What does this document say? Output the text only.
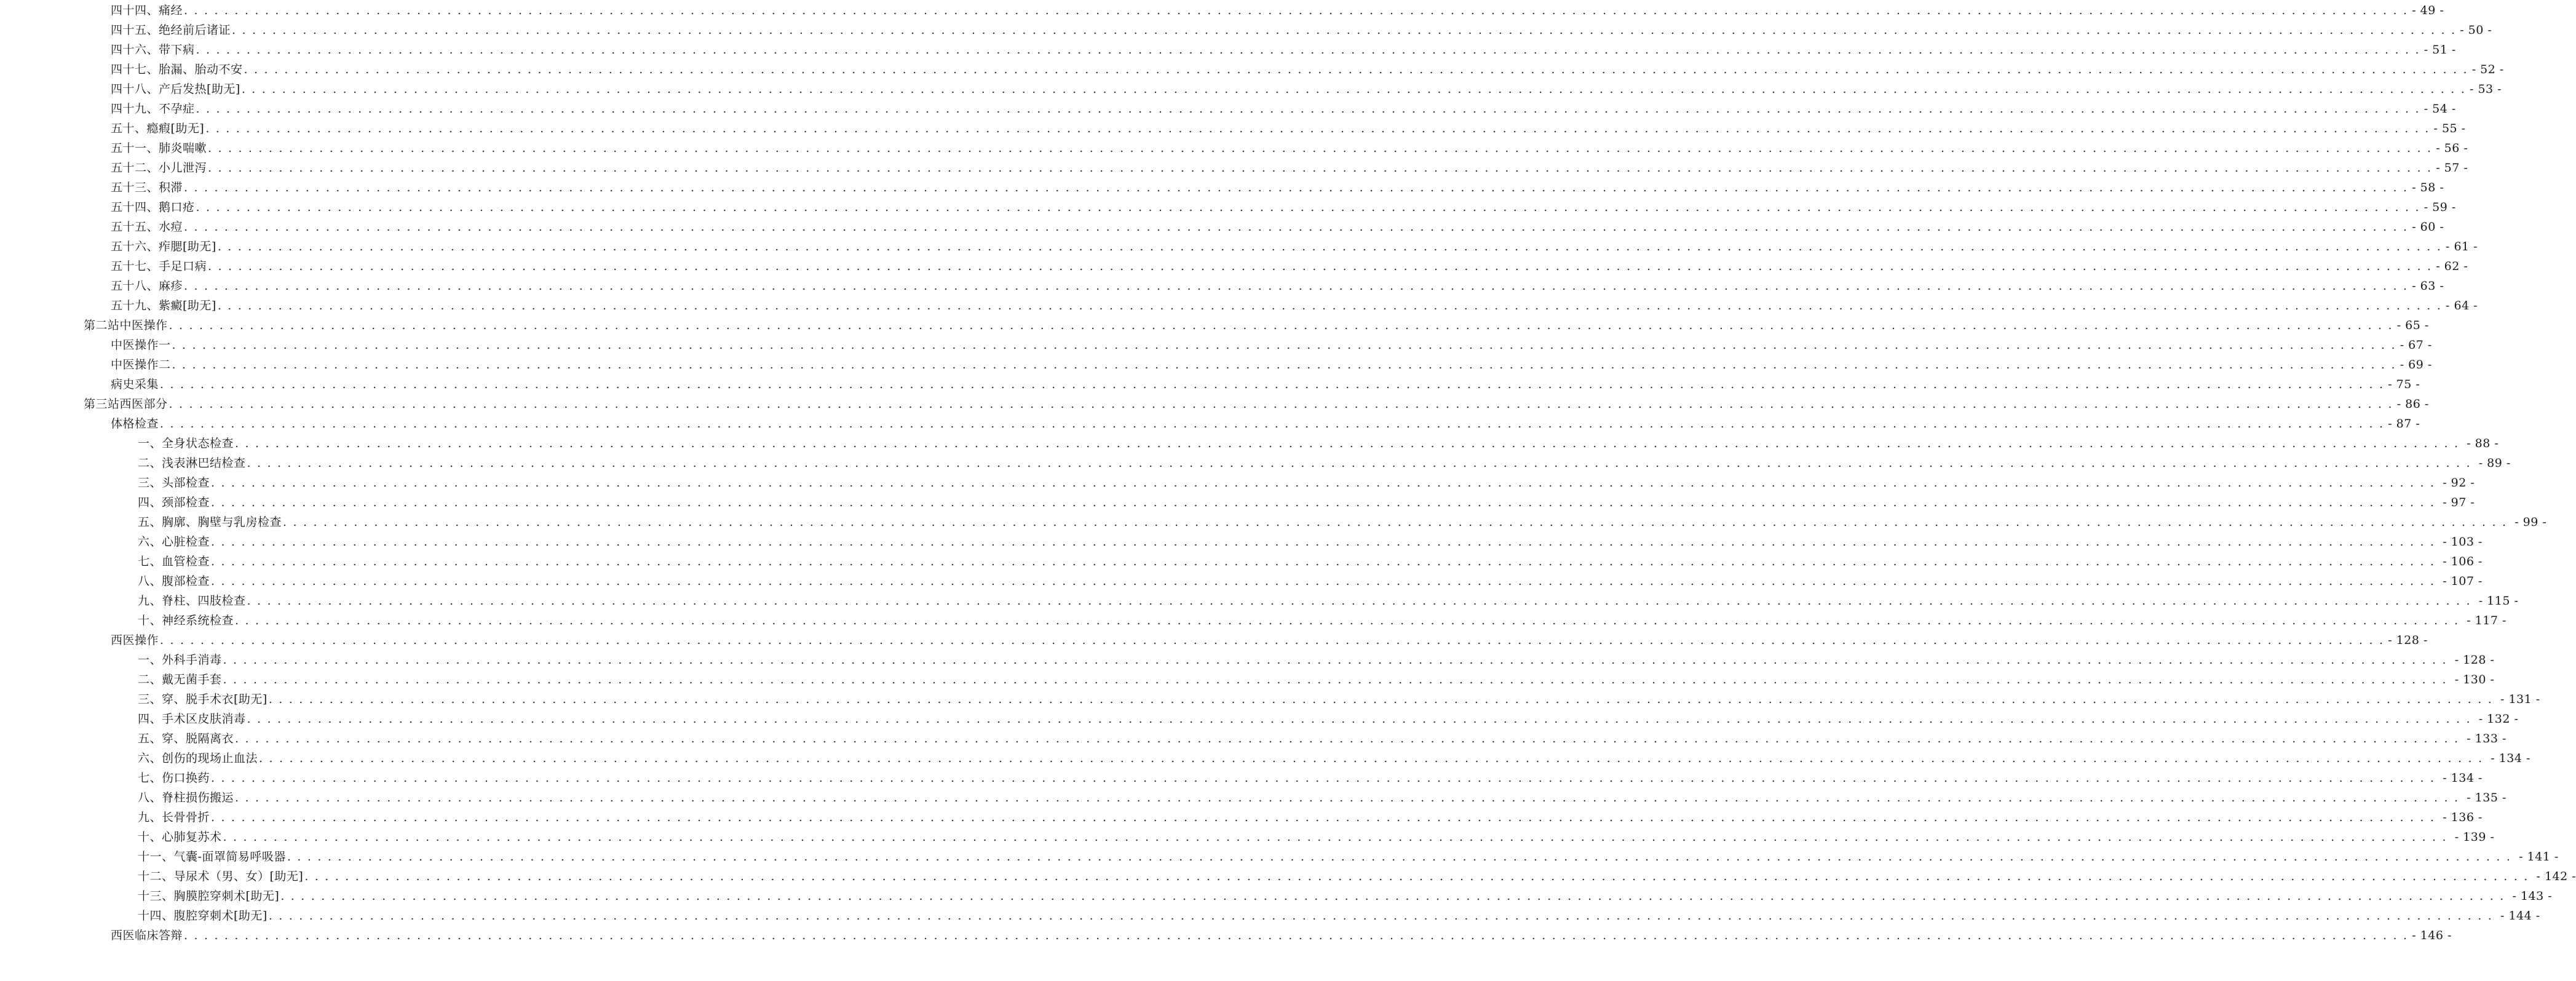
四十四、痛经 . . . . . . . . . . . . . . . . . . . . . . . . . . . . . . . . . . . . . . . . . . . . . . . . . . . . . . . . . . . . . . . . . . . . . . . . . . . . . . . . . . . . . . . . . . . . . . . . . . . . . . . . . . . . . . . . . . . . . . . . . . . . . . . . . . . . . . . . . . . . . . . . . . . . . . . . . . . . . . . . . . . . . . . . . . . . . . . . . . . . . . . . . . . . . . . . . . . . . . . . . . . . . . . . . . . . . . . . . . . . - 49 -
四十五、绝经前后诸证 . . . . . . . . . . . . . . . . . . . . . . . . . . . . . . . . . . . . . . . . . . . . . . . . . . . . . . . . . . . . . . . . . . . . . . . . . . . . . . . . . . . . . . . . . . . . . . . . . . . . . . . . . . . . . . . . . . . . . . . . . . . . . . . . . . . . . . . . . . . . . . . . . . . . . . . . . . . . . . . . . . . . . . . . . . . . . . . . . . . . . . . . . . . . . . . . . . . . . . . . . . . . . . . . . . . . . . . . . . . . - 50 -
四十六、带下病 . . . . . . . . . . . . . . . . . . . . . . . . . . . . . . . . . . . . . . . . . . . . . . . . . . . . . . . . . . . . . . . . . . . . . . . . . . . . . . . . . . . . . . . . . . . . . . . . . . . . . . . . . . . . . . . . . . . . . . . . . . . . . . . . . . . . . . . . . . . . . . . . . . . . . . . . . . . . . . . . . . . . . . . . . . . . . . . . . . . . . . . . . . . . . . . . . . . . . . . . . . . . . . . . . . . . . . . . . . . . - 51 -
四十七、胎漏、胎动不安 . . . . . . . . . . . . . . . . . . . . . . . . . . . . . . . . . . . . . . . . . . . . . . . . . . . . . . . . . . . . . . . . . . . . . . . . . . . . . . . . . . . . . . . . . . . . . . . . . . . . . . . . . . . . . . . . . . . . . . . . . . . . . . . . . . . . . . . . . . . . . . . . . . . . . . . . . . . . . . . . . . . . . . . . . . . . . . . . . . . . . . . . . . . . . . . . . . . . . . . . . . . . . . . . . . . . . . . . . . . . - 52 -
四十八、产后发热[助无] . . . . . . . . . . . . . . . . . . . . . . . . . . . . . . . . . . . . . . . . . . . . . . . . . . . . . . . . . . . . . . . . . . . . . . . . . . . . . . . . . . . . . . . . . . . . . . . . . . . . . . . . . . . . . . . . . . . . . . . . . . . . . . . . . . . . . . . . . . . . . . . . . . . . . . . . . . . . . . . . . . . . . . . . . . . . . . . . . . . . . . . . . . . . . . . . . . . . . . . . . . . . . . . . . . . . . . . . . . . . - 53 -
四十九、不孕症 . . . . . . . . . . . . . . . . . . . . . . . . . . . . . . . . . . . . . . . . . . . . . . . . . . . . . . . . . . . . . . . . . . . . . . . . . . . . . . . . . . . . . . . . . . . . . . . . . . . . . . . . . . . . . . . . . . . . . . . . . . . . . . . . . . . . . . . . . . . . . . . . . . . . . . . . . . . . . . . . . . . . . . . . . . . . . . . . . . . . . . . . . . . . . . . . . . . . . . . . . . . . . . . . . . . . . . . . . . . . - 54 -
五十、瘾瘕[助无] . . . . . . . . . . . . . . . . . . . . . . . . . . . . . . . . . . . . . . . . . . . . . . . . . . . . . . . . . . . . . . . . . . . . . . . . . . . . . . . . . . . . . . . . . . . . . . . . . . . . . . . . . . . . . . . . . . . . . . . . . . . . . . . . . . . . . . . . . . . . . . . . . . . . . . . . . . . . . . . . . . . . . . . . . . . . . . . . . . . . . . . . . . . . . . . . . . . . . . . . . . . . . . . . . . . . . . . . . . . . - 55 -
五十一、肺炎喘嗽 . . . . . . . . . . . . . . . . . . . . . . . . . . . . . . . . . . . . . . . . . . . . . . . . . . . . . . . . . . . . . . . . . . . . . . . . . . . . . . . . . . . . . . . . . . . . . . . . . . . . . . . . . . . . . . . . . . . . . . . . . . . . . . . . . . . . . . . . . . . . . . . . . . . . . . . . . . . . . . . . . . . . . . . . . . . . . . . . . . . . . . . . . . . . . . . . . . . . . . . . . . . . . . . . . . . . . . . . . . . . - 56 -
五十二、小儿泄泻 . . . . . . . . . . . . . . . . . . . . . . . . . . . . . . . . . . . . . . . . . . . . . . . . . . . . . . . . . . . . . . . . . . . . . . . . . . . . . . . . . . . . . . . . . . . . . . . . . . . . . . . . . . . . . . . . . . . . . . . . . . . . . . . . . . . . . . . . . . . . . . . . . . . . . . . . . . . . . . . . . . . . . . . . . . . . . . . . . . . . . . . . . . . . . . . . . . . . . . . . . . . . . . . . . . . . . . . . . . . . - 57 -
五十三、积滞 . . . . . . . . . . . . . . . . . . . . . . . . . . . . . . . . . . . . . . . . . . . . . . . . . . . . . . . . . . . . . . . . . . . . . . . . . . . . . . . . . . . . . . . . . . . . . . . . . . . . . . . . . . . . . . . . . . . . . . . . . . . . . . . . . . . . . . . . . . . . . . . . . . . . . . . . . . . . . . . . . . . . . . . . . . . . . . . . . . . . . . . . . . . . . . . . . . . . . . . . . . . . . . . . . . . . . . . . . . . . - 58 -
五十四、鹅口疮 . . . . . . . . . . . . . . . . . . . . . . . . . . . . . . . . . . . . . . . . . . . . . . . . . . . . . . . . . . . . . . . . . . . . . . . . . . . . . . . . . . . . . . . . . . . . . . . . . . . . . . . . . . . . . . . . . . . . . . . . . . . . . . . . . . . . . . . . . . . . . . . . . . . . . . . . . . . . . . . . . . . . . . . . . . . . . . . . . . . . . . . . . . . . . . . . . . . . . . . . . . . . . . . . . . . . . . . . . . . . - 59 -
五十五、水痘 . . . . . . . . . . . . . . . . . . . . . . . . . . . . . . . . . . . . . . . . . . . . . . . . . . . . . . . . . . . . . . . . . . . . . . . . . . . . . . . . . . . . . . . . . . . . . . . . . . . . . . . . . . . . . . . . . . . . . . . . . . . . . . . . . . . . . . . . . . . . . . . . . . . . . . . . . . . . . . . . . . . . . . . . . . . . . . . . . . . . . . . . . . . . . . . . . . . . . . . . . . . . . . . . . . . . . . . . . . . . - 60 -
五十六、痄腮[助无] . . . . . . . . . . . . . . . . . . . . . . . . . . . . . . . . . . . . . . . . . . . . . . . . . . . . . . . . . . . . . . . . . . . . . . . . . . . . . . . . . . . . . . . . . . . . . . . . . . . . . . . . . . . . . . . . . . . . . . . . . . . . . . . . . . . . . . . . . . . . . . . . . . . . . . . . . . . . . . . . . . . . . . . . . . . . . . . . . . . . . . . . . . . . . . . . . . . . . . . . . . . . . . . . . . . . . . . . . . . . - 61 -
五十七、手足口病 . . . . . . . . . . . . . . . . . . . . . . . . . . . . . . . . . . . . . . . . . . . . . . . . . . . . . . . . . . . . . . . . . . . . . . . . . . . . . . . . . . . . . . . . . . . . . . . . . . . . . . . . . . . . . . . . . . . . . . . . . . . . . . . . . . . . . . . . . . . . . . . . . . . . . . . . . . . . . . . . . . . . . . . . . . . . . . . . . . . . . . . . . . . . . . . . . . . . . . . . . . . . . . . . . . . . . . . . . . . . - 62 -
五十八、麻疹 . . . . . . . . . . . . . . . . . . . . . . . . . . . . . . . . . . . . . . . . . . . . . . . . . . . . . . . . . . . . . . . . . . . . . . . . . . . . . . . . . . . . . . . . . . . . . . . . . . . . . . . . . . . . . . . . . . . . . . . . . . . . . . . . . . . . . . . . . . . . . . . . . . . . . . . . . . . . . . . . . . . . . . . . . . . . . . . . . . . . . . . . . . . . . . . . . . . . . . . . . . . . . . . . . . . . . . . . . . . . - 63 -
五十九、紫癜[助无] . . . . . . . . . . . . . . . . . . . . . . . . . . . . . . . . . . . . . . . . . . . . . . . . . . . . . . . . . . . . . . . . . . . . . . . . . . . . . . . . . . . . . . . . . . . . . . . . . . . . . . . . . . . . . . . . . . . . . . . . . . . . . . . . . . . . . . . . . . . . . . . . . . . . . . . . . . . . . . . . . . . . . . . . . . . . . . . . . . . . . . . . . . . . . . . . . . . . . . . . . . . . . . . . . . . . . . . . . . . . - 64 -
第二站中医操作 . . . . . . . . . . . . . . . . . . . . . . . . . . . . . . . . . . . . . . . . . . . . . . . . . . . . . . . . . . . . . . . . . . . . . . . . . . . . . . . . . . . . . . . . . . . . . . . . . . . . . . . . . . . . . . . . . . . . . . . . . . . . . . . . . . . . . . . . . . . . . . . . . . . . . . . . . . . . . . . . . . . . . . . . . . . . . . . . . . . . . . . . . . . . . . . . . . . . . . . . . . . . . . . . . . . . . . . . . . . . - 65 -
中医操作一 . . . . . . . . . . . . . . . . . . . . . . . . . . . . . . . . . . . . . . . . . . . . . . . . . . . . . . . . . . . . . . . . . . . . . . . . . . . . . . . . . . . . . . . . . . . . . . . . . . . . . . . . . . . . . . . . . . . . . . . . . . . . . . . . . . . . . . . . . . . . . . . . . . . . . . . . . . . . . . . . . . . . . . . . . . . . . . . . . . . . . . . . . . . . . . . . . . . . . . . . . . . . . . . . . . . . . . . . . . . . - 67 -
中医操作二 . . . . . . . . . . . . . . . . . . . . . . . . . . . . . . . . . . . . . . . . . . . . . . . . . . . . . . . . . . . . . . . . . . . . . . . . . . . . . . . . . . . . . . . . . . . . . . . . . . . . . . . . . . . . . . . . . . . . . . . . . . . . . . . . . . . . . . . . . . . . . . . . . . . . . . . . . . . . . . . . . . . . . . . . . . . . . . . . . . . . . . . . . . . . . . . . . . . . . . . . . . . . . . . . . . . . . . . . . . . . - 69 -
病史采集 . . . . . . . . . . . . . . . . . . . . . . . . . . . . . . . . . . . . . . . . . . . . . . . . . . . . . . . . . . . . . . . . . . . . . . . . . . . . . . . . . . . . . . . . . . . . . . . . . . . . . . . . . . . . . . . . . . . . . . . . . . . . . . . . . . . . . . . . . . . . . . . . . . . . . . . . . . . . . . . . . . . . . . . . . . . . . . . . . . . . . . . . . . . . . . . . . . . . . . . . . . . . . . . . . . . . . . . . . . . . - 75 -
第三站西医部分 . . . . . . . . . . . . . . . . . . . . . . . . . . . . . . . . . . . . . . . . . . . . . . . . . . . . . . . . . . . . . . . . . . . . . . . . . . . . . . . . . . . . . . . . . . . . . . . . . . . . . . . . . . . . . . . . . . . . . . . . . . . . . . . . . . . . . . . . . . . . . . . . . . . . . . . . . . . . . . . . . . . . . . . . . . . . . . . . . . . . . . . . . . . . . . . . . . . . . . . . . . . . . . . . . . . . . . . . . . . . - 86 -
体格检查 . . . . . . . . . . . . . . . . . . . . . . . . . . . . . . . . . . . . . . . . . . . . . . . . . . . . . . . . . . . . . . . . . . . . . . . . . . . . . . . . . . . . . . . . . . . . . . . . . . . . . . . . . . . . . . . . . . . . . . . . . . . . . . . . . . . . . . . . . . . . . . . . . . . . . . . . . . . . . . . . . . . . . . . . . . . . . . . . . . . . . . . . . . . . . . . . . . . . . . . . . . . . . . . . . . . . . . . . . . . . - 87 -
一、全身状态检查 . . . . . . . . . . . . . . . . . . . . . . . . . . . . . . . . . . . . . . . . . . . . . . . . . . . . . . . . . . . . . . . . . . . . . . . . . . . . . . . . . . . . . . . . . . . . . . . . . . . . . . . . . . . . . . . . . . . . . . . . . . . . . . . . . . . . . . . . . . . . . . . . . . . . . . . . . . . . . . . . . . . . . . . . . . . . . . . . . . . . . . . . . . . . . . . . . . . . . . . . . . . . . . . . . . . . . . . . . . . . - 88 -
二、浅表淋巴结检查 . . . . . . . . . . . . . . . . . . . . . . . . . . . . . . . . . . . . . . . . . . . . . . . . . . . . . . . . . . . . . . . . . . . . . . . . . . . . . . . . . . . . . . . . . . . . . . . . . . . . . . . . . . . . . . . . . . . . . . . . . . . . . . . . . . . . . . . . . . . . . . . . . . . . . . . . . . . . . . . . . . . . . . . . . . . . . . . . . . . . . . . . . . . . . . . . . . . . . . . . . . . . . . . . . . . . . . . . . . . . - 89 -
三、头部检查 . . . . . . . . . . . . . . . . . . . . . . . . . . . . . . . . . . . . . . . . . . . . . . . . . . . . . . . . . . . . . . . . . . . . . . . . . . . . . . . . . . . . . . . . . . . . . . . . . . . . . . . . . . . . . . . . . . . . . . . . . . . . . . . . . . . . . . . . . . . . . . . . . . . . . . . . . . . . . . . . . . . . . . . . . . . . . . . . . . . . . . . . . . . . . . . . . . . . . . . . . . . . . . . . . . . . . . . . . . . . - 92 -
四、颈部检查 . . . . . . . . . . . . . . . . . . . . . . . . . . . . . . . . . . . . . . . . . . . . . . . . . . . . . . . . . . . . . . . . . . . . . . . . . . . . . . . . . . . . . . . . . . . . . . . . . . . . . . . . . . . . . . . . . . . . . . . . . . . . . . . . . . . . . . . . . . . . . . . . . . . . . . . . . . . . . . . . . . . . . . . . . . . . . . . . . . . . . . . . . . . . . . . . . . . . . . . . . . . . . . . . . . . . . . . . . . . . - 97 -
五、胸廓、胸壁与乳房检查 . . . . . . . . . . . . . . . . . . . . . . . . . . . . . . . . . . . . . . . . . . . . . . . . . . . . . . . . . . . . . . . . . . . . . . . . . . . . . . . . . . . . . . . . . . . . . . . . . . . . . . . . . . . . . . . . . . . . . . . . . . . . . . . . . . . . . . . . . . . . . . . . . . . . . . . . . . . . . . . . . . . . . . . . . . . . . . . . . . . . . . . . . . . . . . . . . . . . . . . . . . . . . . . . . . . . . . . . . . . . - 99 -
六、心脏检查 . . . . . . . . . . . . . . . . . . . . . . . . . . . . . . . . . . . . . . . . . . . . . . . . . . . . . . . . . . . . . . . . . . . . . . . . . . . . . . . . . . . . . . . . . . . . . . . . . . . . . . . . . . . . . . . . . . . . . . . . . . . . . . . . . . . . . . . . . . . . . . . . . . . . . . . . . . . . . . . . . . . . . . . . . . . . . . . . . . . . . . . . . . . . . . . . . . . . . . . . . . . . . . . . . . . . . . . . . . . . - 103 -
七、血管检查 . . . . . . . . . . . . . . . . . . . . . . . . . . . . . . . . . . . . . . . . . . . . . . . . . . . . . . . . . . . . . . . . . . . . . . . . . . . . . . . . . . . . . . . . . . . . . . . . . . . . . . . . . . . . . . . . . . . . . . . . . . . . . . . . . . . . . . . . . . . . . . . . . . . . . . . . . . . . . . . . . . . . . . . . . . . . . . . . . . . . . . . . . . . . . . . . . . . . . . . . . . . . . . . . . . . . . . . . . . . . - 106 -
八、腹部检查 . . . . . . . . . . . . . . . . . . . . . . . . . . . . . . . . . . . . . . . . . . . . . . . . . . . . . . . . . . . . . . . . . . . . . . . . . . . . . . . . . . . . . . . . . . . . . . . . . . . . . . . . . . . . . . . . . . . . . . . . . . . . . . . . . . . . . . . . . . . . . . . . . . . . . . . . . . . . . . . . . . . . . . . . . . . . . . . . . . . . . . . . . . . . . . . . . . . . . . . . . . . . . . . . . . . . . . . . . . . . - 107 -
九、脊柱、四肢检查 . . . . . . . . . . . . . . . . . . . . . . . . . . . . . . . . . . . . . . . . . . . . . . . . . . . . . . . . . . . . . . . . . . . . . . . . . . . . . . . . . . . . . . . . . . . . . . . . . . . . . . . . . . . . . . . . . . . . . . . . . . . . . . . . . . . . . . . . . . . . . . . . . . . . . . . . . . . . . . . . . . . . . . . . . . . . . . . . . . . . . . . . . . . . . . . . . . . . . . . . . . . . . . . . . . . . . . . . . . . . - 115 -
十、神经系统检查 . . . . . . . . . . . . . . . . . . . . . . . . . . . . . . . . . . . . . . . . . . . . . . . . . . . . . . . . . . . . . . . . . . . . . . . . . . . . . . . . . . . . . . . . . . . . . . . . . . . . . . . . . . . . . . . . . . . . . . . . . . . . . . . . . . . . . . . . . . . . . . . . . . . . . . . . . . . . . . . . . . . . . . . . . . . . . . . . . . . . . . . . . . . . . . . . . . . . . . . . . . . . . . . . . . . . . . . . . . . . - 117 -
西医操作 . . . . . . . . . . . . . . . . . . . . . . . . . . . . . . . . . . . . . . . . . . . . . . . . . . . . . . . . . . . . . . . . . . . . . . . . . . . . . . . . . . . . . . . . . . . . . . . . . . . . . . . . . . . . . . . . . . . . . . . . . . . . . . . . . . . . . . . . . . . . . . . . . . . . . . . . . . . . . . . . . . . . . . . . . . . . . . . . . . . . . . . . . . . . . . . . . . . . . . . . . . . . . . . . . . . . . . . . . . . . - 128 -
一、外科手消毒 . . . . . . . . . . . . . . . . . . . . . . . . . . . . . . . . . . . . . . . . . . . . . . . . . . . . . . . . . . . . . . . . . . . . . . . . . . . . . . . . . . . . . . . . . . . . . . . . . . . . . . . . . . . . . . . . . . . . . . . . . . . . . . . . . . . . . . . . . . . . . . . . . . . . . . . . . . . . . . . . . . . . . . . . . . . . . . . . . . . . . . . . . . . . . . . . . . . . . . . . . . . . . . . . . . . . . . . . . . . . - 128 -
二、戴无菌手套 . . . . . . . . . . . . . . . . . . . . . . . . . . . . . . . . . . . . . . . . . . . . . . . . . . . . . . . . . . . . . . . . . . . . . . . . . . . . . . . . . . . . . . . . . . . . . . . . . . . . . . . . . . . . . . . . . . . . . . . . . . . . . . . . . . . . . . . . . . . . . . . . . . . . . . . . . . . . . . . . . . . . . . . . . . . . . . . . . . . . . . . . . . . . . . . . . . . . . . . . . . . . . . . . . . . . . . . . . . . . - 130 -
三、穿、脱手术衣[助无] . . . . . . . . . . . . . . . . . . . . . . . . . . . . . . . . . . . . . . . . . . . . . . . . . . . . . . . . . . . . . . . . . . . . . . . . . . . . . . . . . . . . . . . . . . . . . . . . . . . . . . . . . . . . . . . . . . . . . . . . . . . . . . . . . . . . . . . . . . . . . . . . . . . . . . . . . . . . . . . . . . . . . . . . . . . . . . . . . . . . . . . . . . . . . . . . . . . . . . . . . . . . . . . . . . . . . . . . . . . . - 131 -
四、手术区皮肤消毒 . . . . . . . . . . . . . . . . . . . . . . . . . . . . . . . . . . . . . . . . . . . . . . . . . . . . . . . . . . . . . . . . . . . . . . . . . . . . . . . . . . . . . . . . . . . . . . . . . . . . . . . . . . . . . . . . . . . . . . . . . . . . . . . . . . . . . . . . . . . . . . . . . . . . . . . . . . . . . . . . . . . . . . . . . . . . . . . . . . . . . . . . . . . . . . . . . . . . . . . . . . . . . . . . . . . . . . . . . . . . - 132 -
五、穿、脱隔离衣 . . . . . . . . . . . . . . . . . . . . . . . . . . . . . . . . . . . . . . . . . . . . . . . . . . . . . . . . . . . . . . . . . . . . . . . . . . . . . . . . . . . . . . . . . . . . . . . . . . . . . . . . . . . . . . . . . . . . . . . . . . . . . . . . . . . . . . . . . . . . . . . . . . . . . . . . . . . . . . . . . . . . . . . . . . . . . . . . . . . . . . . . . . . . . . . . . . . . . . . . . . . . . . . . . . . . . . . . . . . . - 133 -
六、创伤的现场止血法 . . . . . . . . . . . . . . . . . . . . . . . . . . . . . . . . . . . . . . . . . . . . . . . . . . . . . . . . . . . . . . . . . . . . . . . . . . . . . . . . . . . . . . . . . . . . . . . . . . . . . . . . . . . . . . . . . . . . . . . . . . . . . . . . . . . . . . . . . . . . . . . . . . . . . . . . . . . . . . . . . . . . . . . . . . . . . . . . . . . . . . . . . . . . . . . . . . . . . . . . . . . . . . . . . . . . . . . . . . . . - 134 -
七、伤口换药 . . . . . . . . . . . . . . . . . . . . . . . . . . . . . . . . . . . . . . . . . . . . . . . . . . . . . . . . . . . . . . . . . . . . . . . . . . . . . . . . . . . . . . . . . . . . . . . . . . . . . . . . . . . . . . . . . . . . . . . . . . . . . . . . . . . . . . . . . . . . . . . . . . . . . . . . . . . . . . . . . . . . . . . . . . . . . . . . . . . . . . . . . . . . . . . . . . . . . . . . . . . . . . . . . . . . . . . . . . . . - 134 -
八、脊柱损伤搬运 . . . . . . . . . . . . . . . . . . . . . . . . . . . . . . . . . . . . . . . . . . . . . . . . . . . . . . . . . . . . . . . . . . . . . . . . . . . . . . . . . . . . . . . . . . . . . . . . . . . . . . . . . . . . . . . . . . . . . . . . . . . . . . . . . . . . . . . . . . . . . . . . . . . . . . . . . . . . . . . . . . . . . . . . . . . . . . . . . . . . . . . . . . . . . . . . . . . . . . . . . . . . . . . . . . . . . . . . . . . . - 135 -
九、长骨骨折 . . . . . . . . . . . . . . . . . . . . . . . . . . . . . . . . . . . . . . . . . . . . . . . . . . . . . . . . . . . . . . . . . . . . . . . . . . . . . . . . . . . . . . . . . . . . . . . . . . . . . . . . . . . . . . . . . . . . . . . . . . . . . . . . . . . . . . . . . . . . . . . . . . . . . . . . . . . . . . . . . . . . . . . . . . . . . . . . . . . . . . . . . . . . . . . . . . . . . . . . . . . . . . . . . . . . . . . . . . . . - 136 -
十、心肺复苏术 . . . . . . . . . . . . . . . . . . . . . . . . . . . . . . . . . . . . . . . . . . . . . . . . . . . . . . . . . . . . . . . . . . . . . . . . . . . . . . . . . . . . . . . . . . . . . . . . . . . . . . . . . . . . . . . . . . . . . . . . . . . . . . . . . . . . . . . . . . . . . . . . . . . . . . . . . . . . . . . . . . . . . . . . . . . . . . . . . . . . . . . . . . . . . . . . . . . . . . . . . . . . . . . . . . . . . . . . . . . . - 139 -
十一、气囊-面罩简易呼吸器 . . . . . . . . . . . . . . . . . . . . . . . . . . . . . . . . . . . . . . . . . . . . . . . . . . . . . . . . . . . . . . . . . . . . . . . . . . . . . . . . . . . . . . . . . . . . . . . . . . . . . . . . . . . . . . . . . . . . . . . . . . . . . . . . . . . . . . . . . . . . . . . . . . . . . . . . . . . . . . . . . . . . . . . . . . . . . . . . . . . . . . . . . . . . . . . . . . . . . . . . . . . . . . . . . . . . . . . . . . . . - 141 -
十二、导尿术（男、女）[助无] . . . . . . . . . . . . . . . . . . . . . . . . . . . . . . . . . . . . . . . . . . . . . . . . . . . . . . . . . . . . . . . . . . . . . . . . . . . . . . . . . . . . . . . . . . . . . . . . . . . . . . . . . . . . . . . . . . . . . . . . . . . . . . . . . . . . . . . . . . . . . . . . . . . . . . . . . . . . . . . . . . . . . . . . . . . . . . . . . . . . . . . . . . . . . . . . . . . . . . . . . . . . . . . . . . . . . . . . . . . . - 142 -
十三、胸膜腔穿刺术[助无] . . . . . . . . . . . . . . . . . . . . . . . . . . . . . . . . . . . . . . . . . . . . . . . . . . . . . . . . . . . . . . . . . . . . . . . . . . . . . . . . . . . . . . . . . . . . . . . . . . . . . . . . . . . . . . . . . . . . . . . . . . . . . . . . . . . . . . . . . . . . . . . . . . . . . . . . . . . . . . . . . . . . . . . . . . . . . . . . . . . . . . . . . . . . . . . . . . . . . . . . . . . . . . . . . . . . . . . . . . . . - 143 -
十四、腹腔穿刺术[助无] . . . . . . . . . . . . . . . . . . . . . . . . . . . . . . . . . . . . . . . . . . . . . . . . . . . . . . . . . . . . . . . . . . . . . . . . . . . . . . . . . . . . . . . . . . . . . . . . . . . . . . . . . . . . . . . . . . . . . . . . . . . . . . . . . . . . . . . . . . . . . . . . . . . . . . . . . . . . . . . . . . . . . . . . . . . . . . . . . . . . . . . . . . . . . . . . . . . . . . . . . . . . . . . . . . . . . . . . . . . . - 144 -
西医临床答辩 . . . . . . . . . . . . . . . . . . . . . . . . . . . . . . . . . . . . . . . . . . . . . . . . . . . . . . . . . . . . . . . . . . . . . . . . . . . . . . . . . . . . . . . . . . . . . . . . . . . . . . . . . . . . . . . . . . . . . . . . . . . . . . . . . . . . . . . . . . . . . . . . . . . . . . . . . . . . . . . . . . . . . . . . . . . . . . . . . . . . . . . . . . . . . . . . . . . . . . . . . . . . . . . . . . . . . . . . . . . . - 146 -
